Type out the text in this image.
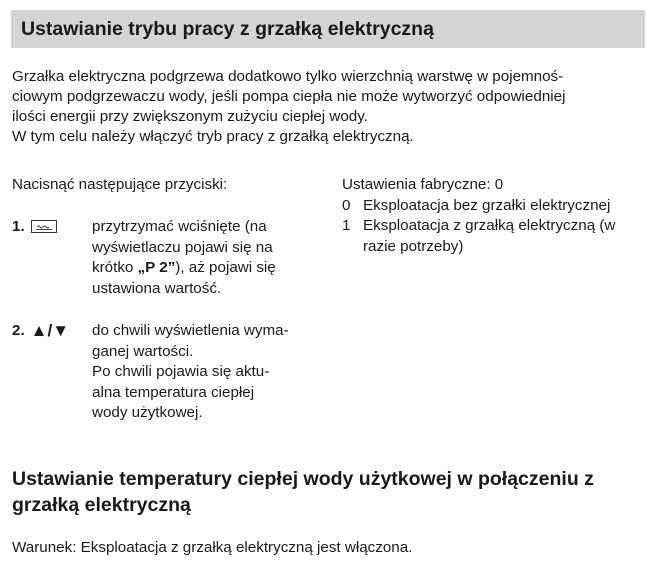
Ustawianie trybu pracy z grzałką elektryczną

Grzałka elektryczna podgrzewa dodatkowo tylko wierzchnią warstwę w pojemnoś-

ciowym podgrzewaczu wody, jeśli pompa ciepła nie może wytworzyć odpowiedniej

ilości energii przy zwiększonym zużyciu ciepłej wody.

W tym celu należy włączyć tryb pracy z grzałką elektryczną.

Nacisnąć następujące przyciski:

1.	przytrzymać wciśnięte (na

wyświetlaczu pojawi się na

krótko „P 2”), aż pojawi się

ustawiona wartość.

2. ▲/▼ do chwili wyświetlenia wyma-

ganej wartości.

Po chwili pojawia się aktu-

alna temperatura ciepłej

wody użytkowej.

Ustawienia fabryczne: 0

0 Eksploatacja bez grzałki elektrycznej

1 Eksploatacja z grzałką elektryczną (w

razie potrzeby)

Ustawianie temperatury ciepłej wody użytkowej w połączeniu z
grzałką elektryczną

Warunek: Eksploatacja z grzałką elektryczną jest włączona.
